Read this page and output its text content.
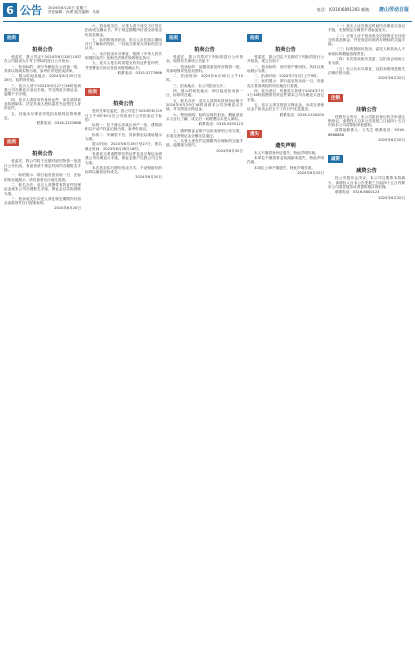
6 公告 2024年6月20日 星期三
责任编辑：孙勇 版式编辑：马晨
电话：(0316)6891293 邮箱： 唐山劳动日报
拍卖
拍卖公告
受委托，我公司定于2024年6月28日10时在公司拍卖大厅对下列标的进行公开拍卖：
一、拍卖标的：部分车辆及办公设备一批，具体以现场实物为准，参考价详见拍卖清单。
二、展示时间及地点：2024年6月25日至26日，标的所在地。
三、竞买人须于2024年6月27日16时前到我公司办理竞买登记手续，并交纳竞买保证金，逾期不予办理。
四、竞买人须持有效身份证件，单位须持营业执照副本、法定代表人授权委托书及受托人身份证件。
五、其他未尽事宜详见拍卖规则及特别规定。
联系电话：0316-2222888
拍卖
拍卖公告
受委托，我公司将于近期对废旧物资一批进行公开拍卖，有意者请于规定时间内办理报名手续。
一、标的展示：即日起至拍卖前一日，在标的所在地展示，请有意者自行前往查看。
二、报名办法：竞买人须携带有效证件及保证金到本公司办理报名手续，保证金以实际到账为准。
三、拍卖成交后买受人须在规定期限内付清全部款项并自行提取标的。
2024年6月20日
六、拍卖成交后，买受人须于成交当日签订拍卖成交确认书，并于规定期限内付清全部成交价款及佣金。
七、标的按现状拍卖，竞买人应在展示期间自行了解标的现状，一经竞买即视为对标的完全认可。
八、本次拍卖未尽事宜，按照《中华人民共和国拍卖法》及相关法律法规的规定执行。
九、竞买人报名时须提交有效证件复印件，并签署竞买协议及拍卖规则确认书。
联系电话：0315-3777666
拍卖
拍卖公告
受有关单位委托，我公司定于2024年6月29日上午9时30分在公司拍卖厅公开拍卖以下标的：
标的一：位于唐山市某区房产一处，建筑面积以不动产权证记载为准，参考价面议。
标的二：车辆若干台，具体情况以现场展示为准。
展示时间：2024年6月26日至27日；报名截止时间：2024年6月28日16时。
有意竞买者请携带有效证件及竞买保证金到我公司办理竞买手续，保证金账户以我公司公布为准。
本次拍卖实行增价拍卖方式，不设保留价的标的以最高应价成交。
2024年6月20日
拍卖
拍卖公告
受委托，我公司将对下列标的进行公开拍卖，现将有关事项公告如下：
一、拍卖标的：闲置设备及库存物资一批，具体明细详见拍卖资料。
二、拍卖时间：2024年6月30日上午10时。
三、拍卖地点：本公司拍卖大厅。
四、展示时间及地点：即日起至拍卖前一日，标的所在地。
五、报名办法：竞买人须持有效身份证明于2024年6月29日16时前到本公司办理竞买手续，并交纳竞买保证金。
六、特别说明：标的以现状拍卖，瑕疵请竞买人自行了解，成交后一切税费由买受人承担。
联系电话：0316-5555123
七、缴纳保证金账户以拍卖规则公布为准，未成交者保证金全额无息退还。
八、买受人须在约定期限内办理标的交接手续，逾期视为违约。
2024年6月20日
拍卖
拍卖公告
受委托，我公司定于近期对下列标的进行公开拍卖，现公告如下：
一、拍卖标的：部分资产使用权，具体以现场展示为准。
二、拍卖时间：2024年7月2日上午9时。
三、标的展示：即日起至拍卖前一日，有意竞买者请到标的所在地自行查看。
四、竞买登记：有意竞买者请于2024年7月1日16时前携带有效证件到本公司办理竞买登记手续。
五、竞买人须交纳竞买保证金，未成交者保证金于拍卖会后五个工作日内无息退还。
联系电话：0316-2100200
遗失
遗失声明
本人不慎将身份证遗失，特此声明作废。
本单位不慎将营业执照副本遗失，特此声明作废。
本单位公章不慎遗失，特此声明作废。
2024年6月20日
（一）竞买人应在规定时间内办理竞买登记手续，未按规定办理者不得参加竞买。
（二）买受人应于拍卖成交后按规定支付成交价款及佣金，并在规定时间内办理标的交接手续。
（三）标的按现状拍卖，委托人和拍卖人不承担标的瑕疵担保责任。
（四）本次拍卖如有变更，以拍卖会现场公布为准。
（五）本公告未尽事宜，以拍卖规则及相关法律法规为准。
2024年6月20日
注销
注销公告
经股东会决议，本公司拟向登记机关申请注销登记，请债权人自本公告见报之日起四十五日内向本公司清算组申报债权。
清算组联系人：王先生 联系电话：0316-6666888
2024年6月20日
减资
减资公告
经公司股东会决议，本公司注册资本拟减少，请债权人自本公告见报之日起四十五日内要求公司清偿债务或者提供相应的担保。
联系电话：0316-6800123
2024年6月20日
